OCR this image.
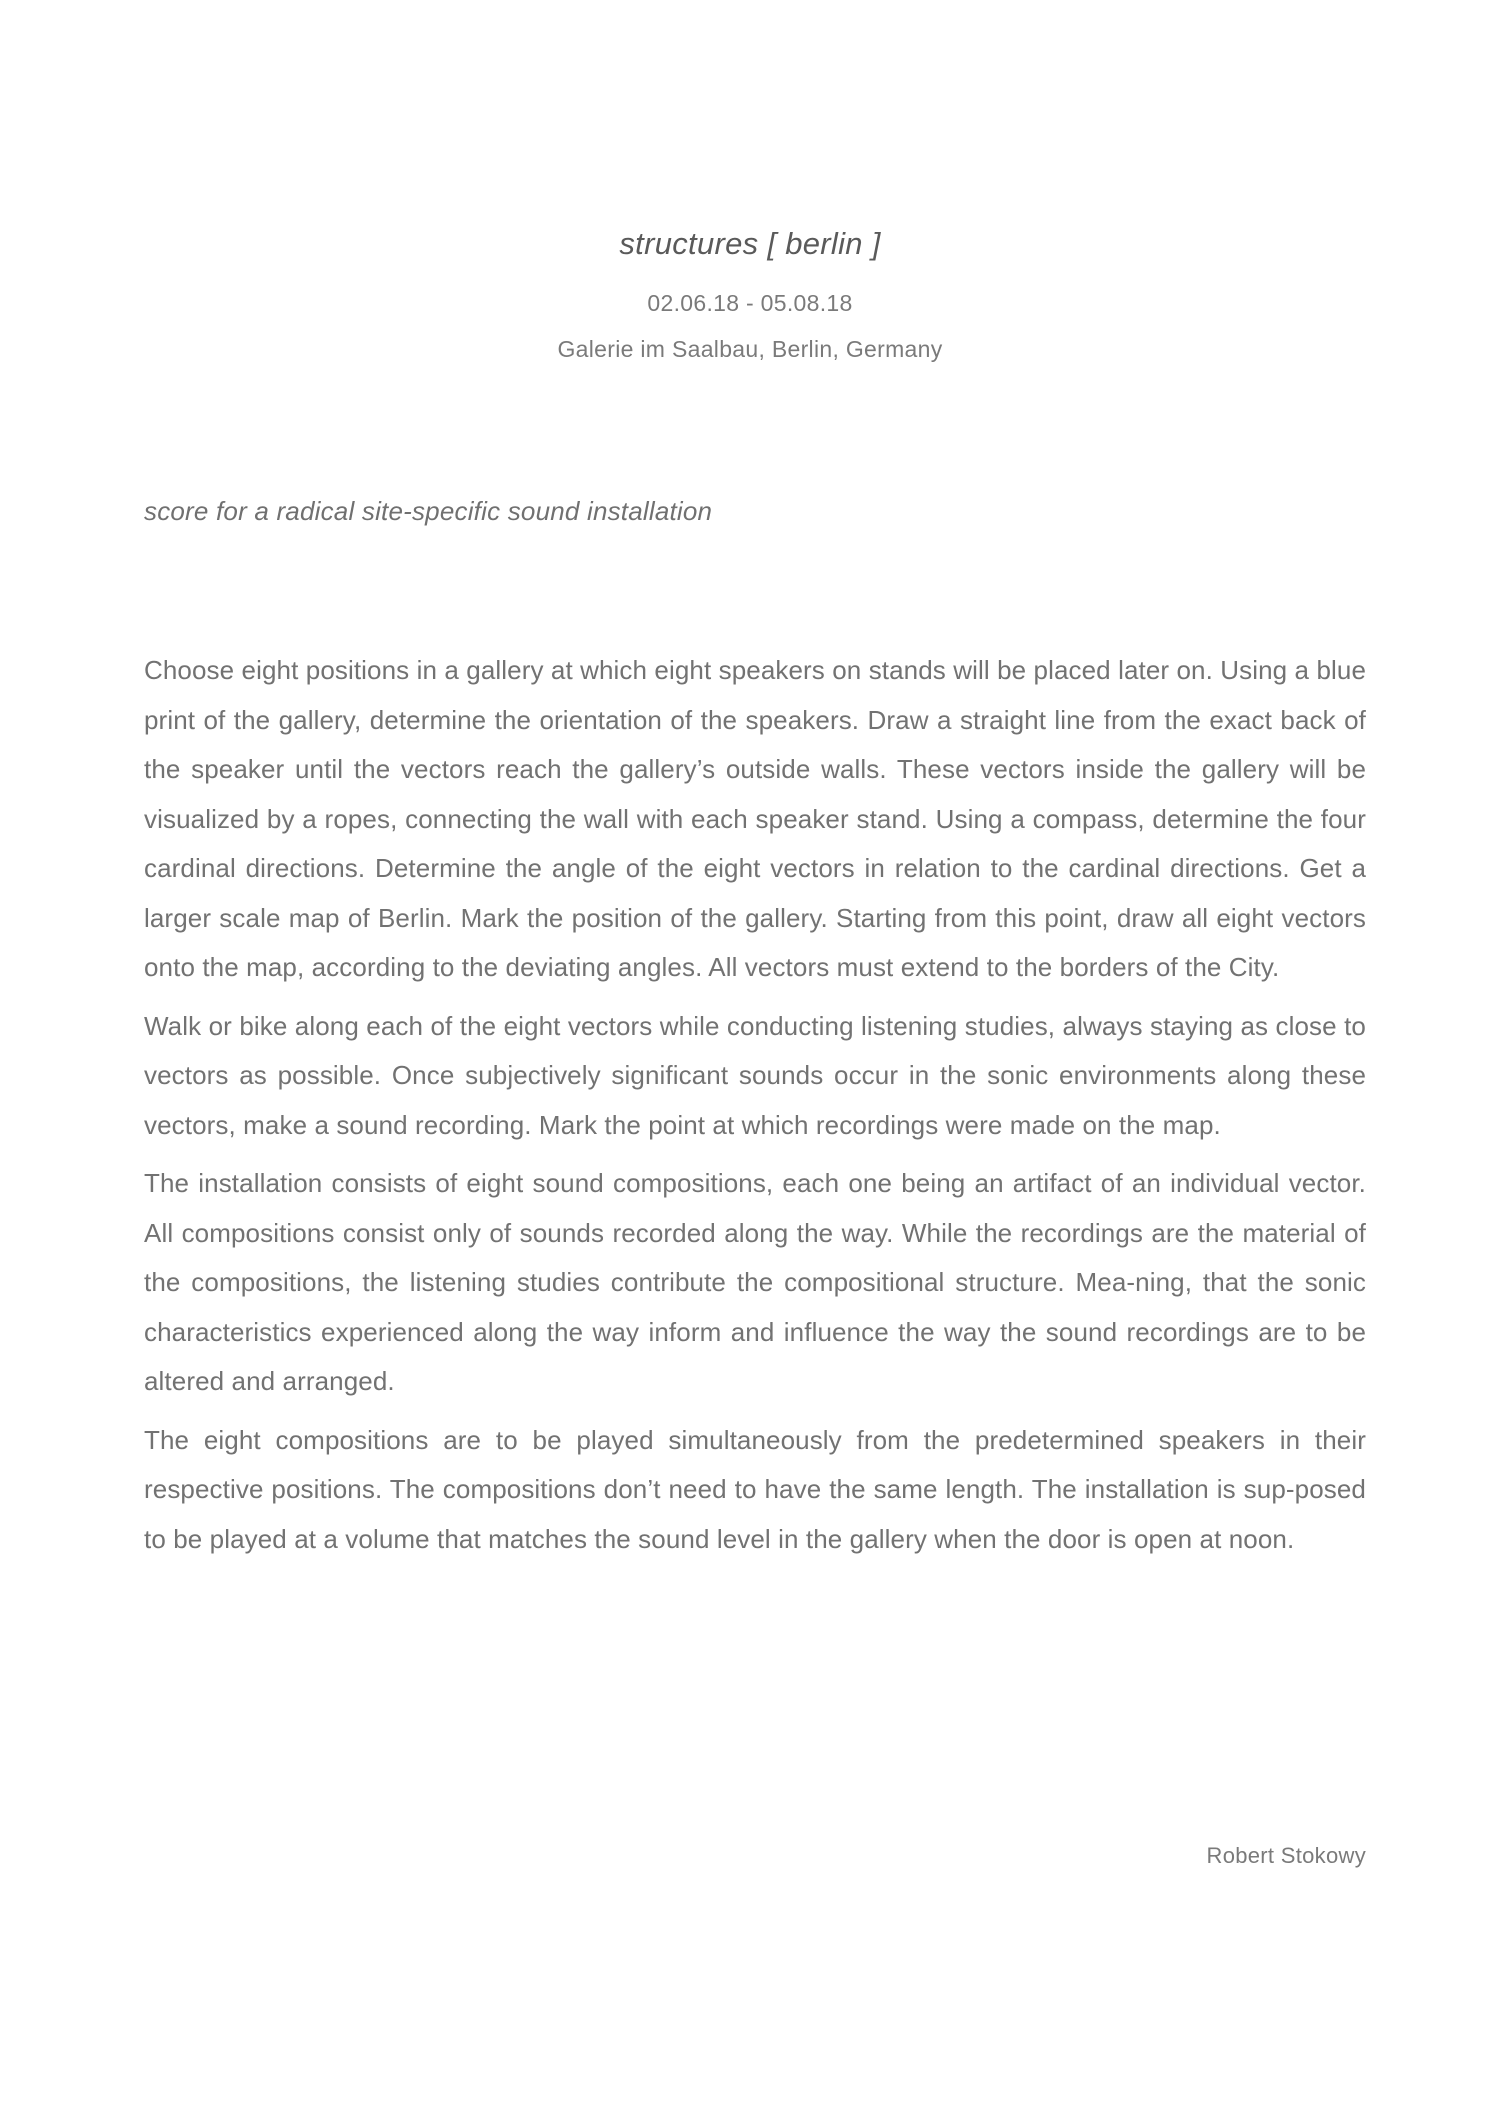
structures [ berlin ]
02.06.18 - 05.08.18
Galerie im Saalbau, Berlin, Germany
score for a radical site-specific sound installation

Choose eight positions in a gallery at which eight speakers on stands will be placed later on. Using a blue print of the gallery, determine the orientation of the speakers. Draw a straight line from the exact back of the speaker until the vectors reach the gallery’s outside walls. These vectors inside the gallery will be visualized by a ropes, connecting the wall with each speaker stand. Using a compass, determine the four cardinal directions. Determine the angle of the eight vectors in relation to the cardinal directions. Get a larger scale map of Berlin. Mark the position of the gallery. Starting from this point, draw all eight vectors onto the map, according to the deviating angles. All vectors must extend to the borders of the City.

Walk or bike along each of the eight vectors while conducting listening studies, always staying as close to vectors as possible. Once subjectively significant sounds occur in the sonic environments along these vectors, make a sound recording. Mark the point at which recordings were made on the map.

The installation consists of eight sound compositions, each one being an artifact of an individual vector. All compositions consist only of sounds recorded along the way. While the recordings are the material of the compositions, the listening studies contribute the compositional structure. Mea-ning, that the sonic characteristics experienced along the way inform and influence the way the sound recordings are to be altered and arranged.

The eight compositions are to be played simultaneously from the predetermined speakers in their respective positions. The compositions don’t need to have the same length. The installation is sup-posed to be played at a volume that matches the sound level in the gallery when the door is open at noon.

Robert Stokowy
